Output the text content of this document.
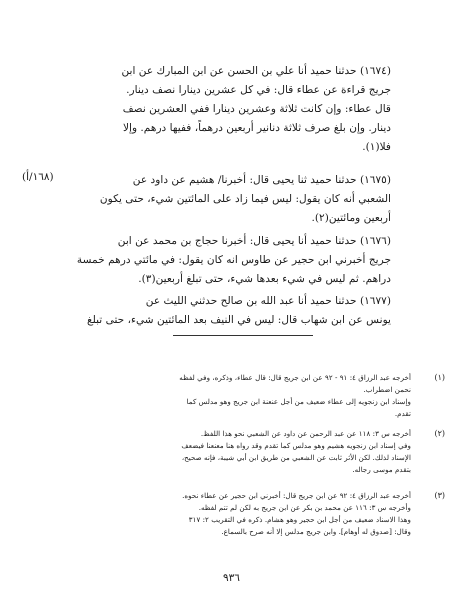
(١٦٧٤) حدثنا حميد أنا علي بن الحسن عن ابن المبارك عن ابن

جريج قراءة عن عطاء قال: في كل عشرين دينارا نصف دينار.

قال عطاء: وإن كانت ثلاثة وعشرين دينارا ففي العشرين نصف

دينار. وإن بلغ صرف ثلاثة دنانير أربعين درهماً، ففيها درهم. وإلا

فلا(١).

(١٦٨/أ)	(١٦٧٥) حدثنا حميد ثنا يحيى قال: أخبرنا/ هشيم عن داود عن

الشعبي أنه كان يقول: ليس فيما زاد على المائتين شيء، حتى يكون

أربعين ومائتين(٢).

(١٦٧٦) حدثنا حميد أنا يحيى قال: أخبرنا حجاج بن محمد عن ابن

جريج أخبرني ابن حجير عن طاوس انه كان يقول: في مائتي درهم خمسة

دراهم. ثم ليس في شيء بعدها شيء، حتى تبلغ أربعين(٣).

(١٦٧٧) حدثنا حميد أنا عبد الله بن صالح حدثني الليث عن

يونس عن ابن شهاب قال: ليس في النيف بعد المائتين شيء، حتى تبلغ

(١)

أخرجه عبد الرزاق ٤: ٩١ - ٩٢ عن ابن جريج قال: قال عطاء، وذكره، وفي لفظه

نحمن اضطراب.

وإسناد ابن زنجويه إلى عطاء ضعيف من أجل عنعنة ابن جريج وهو مدلس كما

تقدم.

(٢)

أخرجه س ٣: ١١٨ عن عبد الرحمن عن داود عن الشعبي نحو هذا اللفظ.

وفي إسناد ابن زنجويه هشيم وهو مدلس كما تقدم وقد رواه هنا معنعنا فيضعف

الإسناد لذلك. لكن الأثر ثابت عن الشعبي من طريق ابن أبي شيبة، فإنه صحيح،

بتقدم موسى رجاله.

(٣)

أخرجه عبد الرزاق ٤: ٩٢ عن ابن جريج قال: أخبرني ابن حجير عن عطاء نحوه.

وأخرجه س ٣: ١١٦ عن محمد بن بكر عن ابن جريج به لكن لم تتم لفظه.

وهذا الاسناد ضعيف من أجل ابن حجير وهو هشام. ذكره في التقريب ٢: ٣١٧

وقال: [صدوق له أوهام]. وابن جريج مدلس إلا أنه صرح بالسماع.

٩٣٦
